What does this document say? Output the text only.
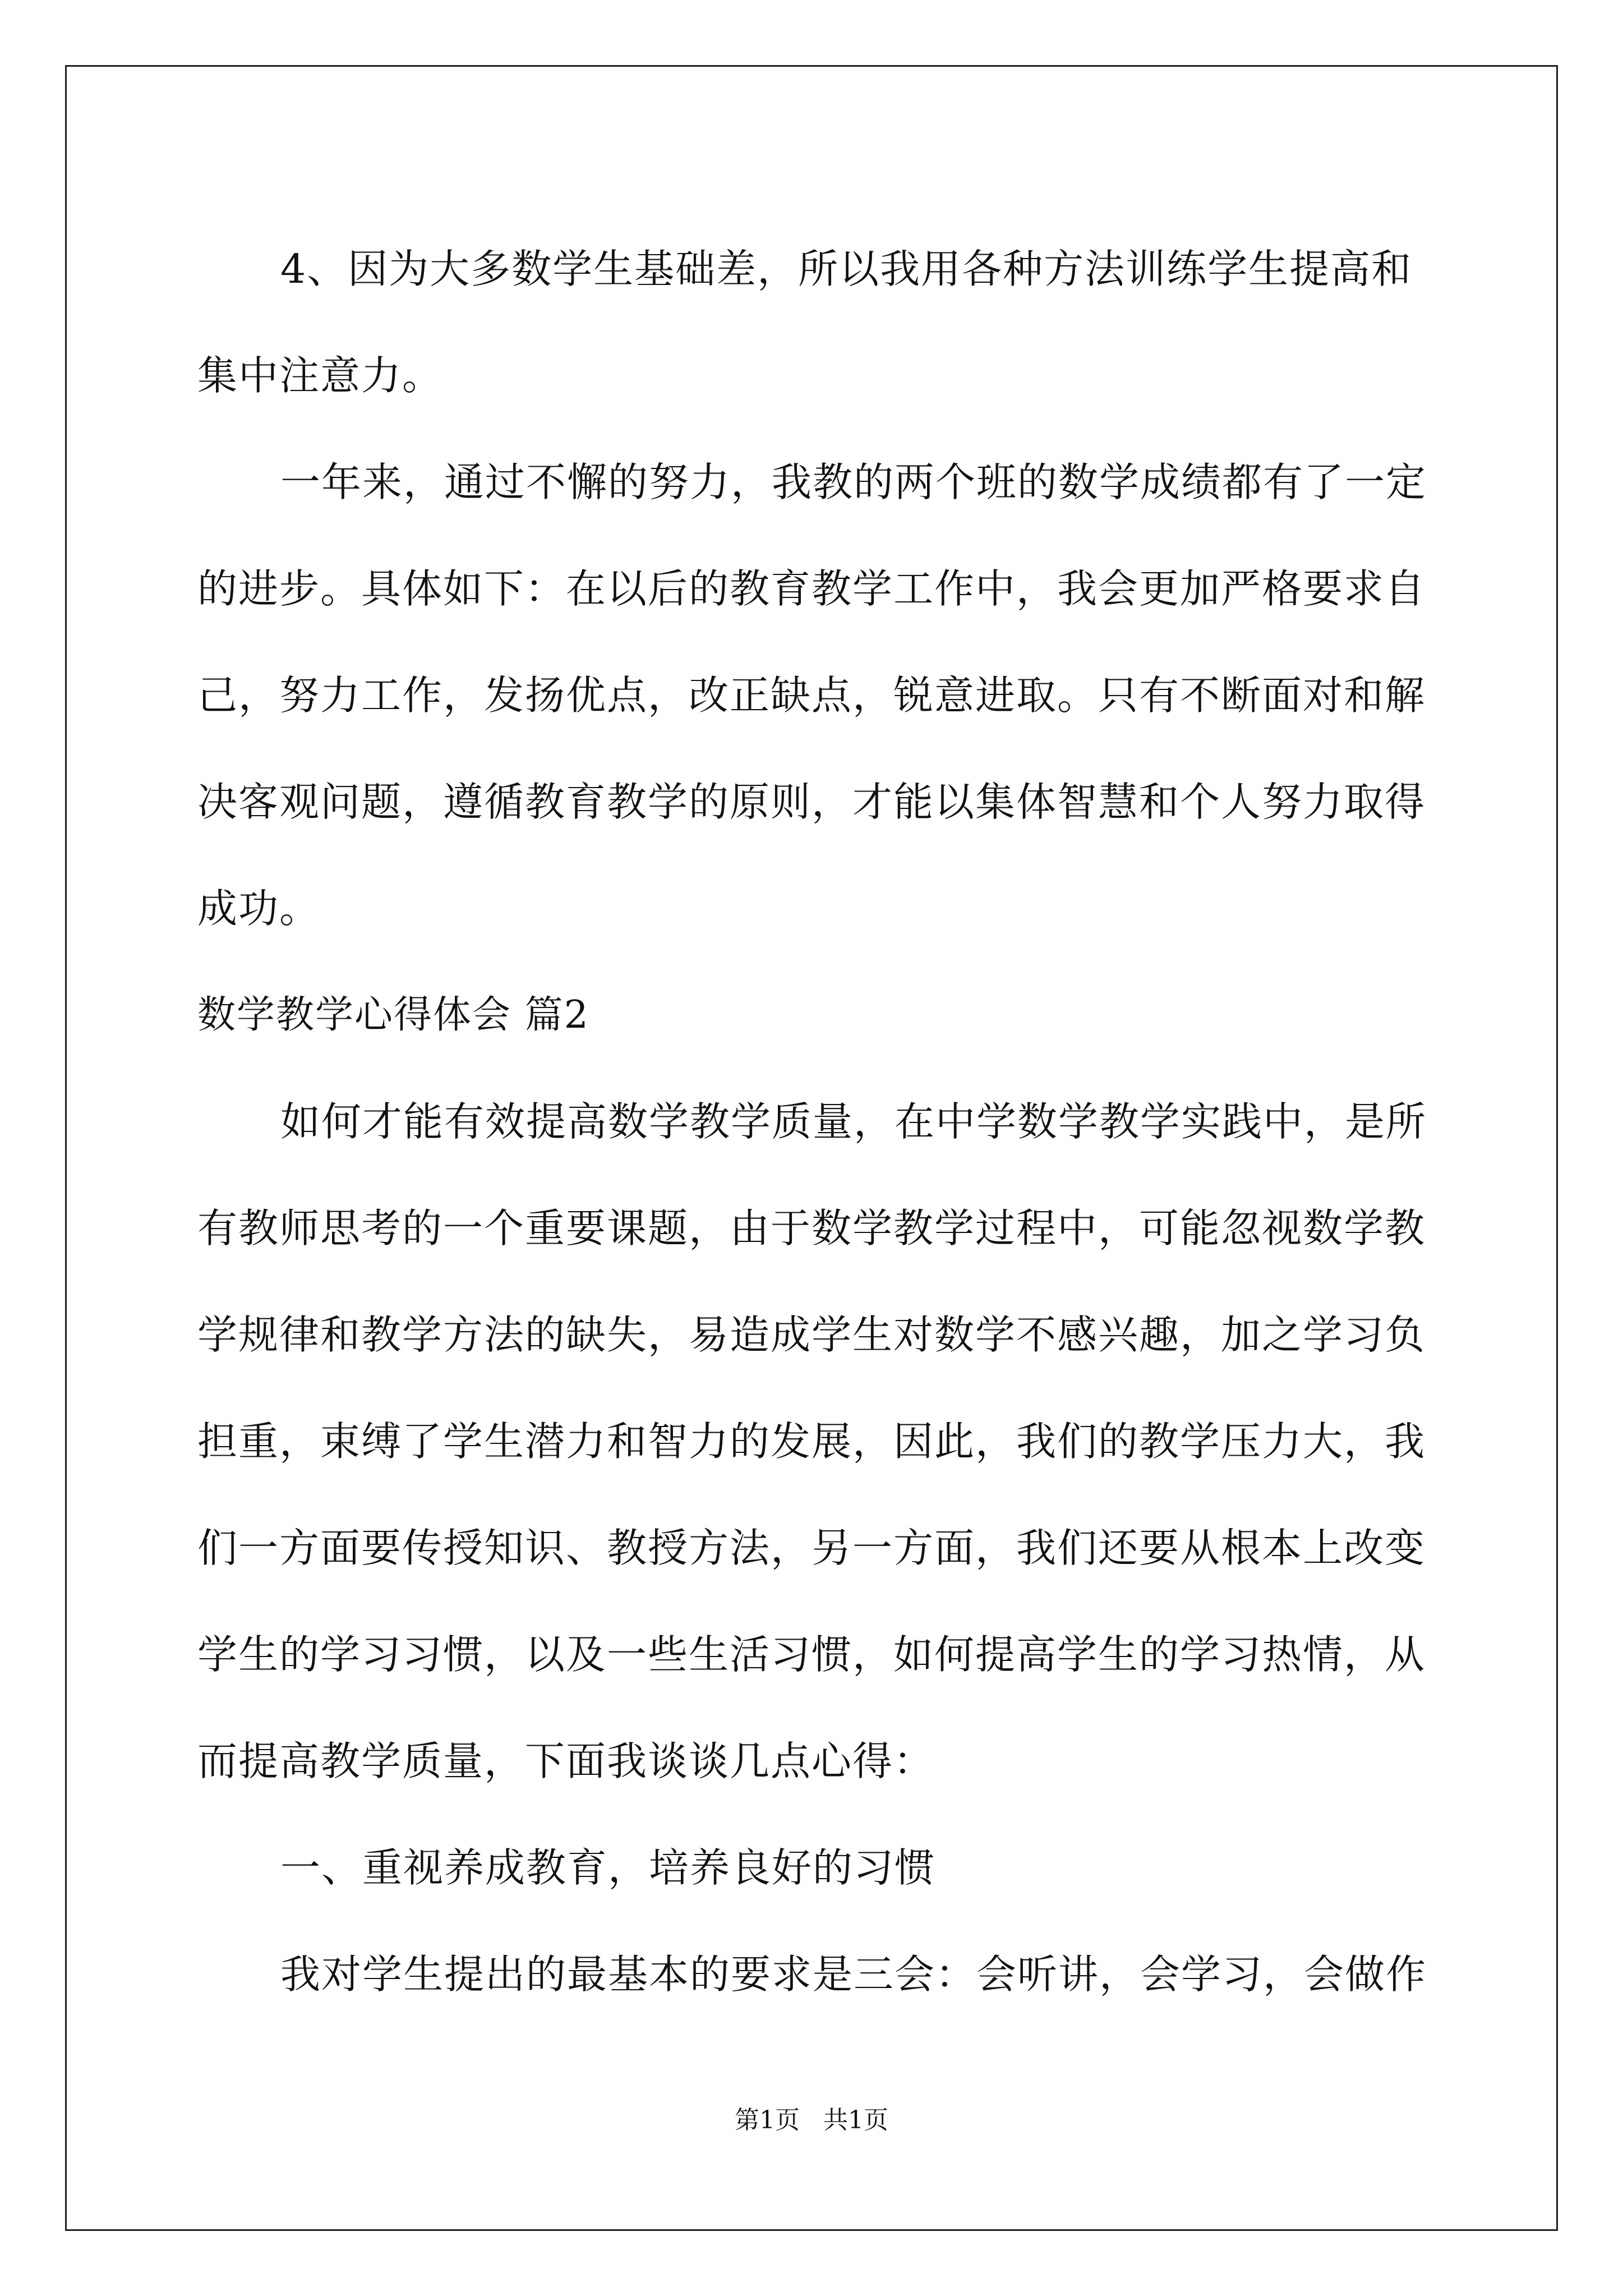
4、因为大多数学生基础差，所以我用各种方法训练学生提高和集中注意力。

一年来，通过不懈的努力，我教的两个班的数学成绩都有了一定的进步。具体如下：在以后的教育教学工作中，我会更加严格要求自己，努力工作，发扬优点，改正缺点，锐意进取。只有不断面对和解决客观问题，遵循教育教学的原则，才能以集体智慧和个人努力取得成功。

数学教学心得体会 篇2

如何才能有效提高数学教学质量，在中学数学教学实践中，是所有教师思考的一个重要课题，由于数学教学过程中，可能忽视数学教学规律和教学方法的缺失，易造成学生对数学不感兴趣，加之学习负担重，束缚了学生潜力和智力的发展，因此，我们的教学压力大，我们一方面要传授知识、教授方法，另一方面，我们还要从根本上改变学生的学习习惯，以及一些生活习惯，如何提高学生的学习热情，从而提高教学质量，下面我谈谈几点心得：

一、重视养成教育，培养良好的习惯

我对学生提出的最基本的要求是三会：会听讲，会学习，会做作

第1页 共1页
